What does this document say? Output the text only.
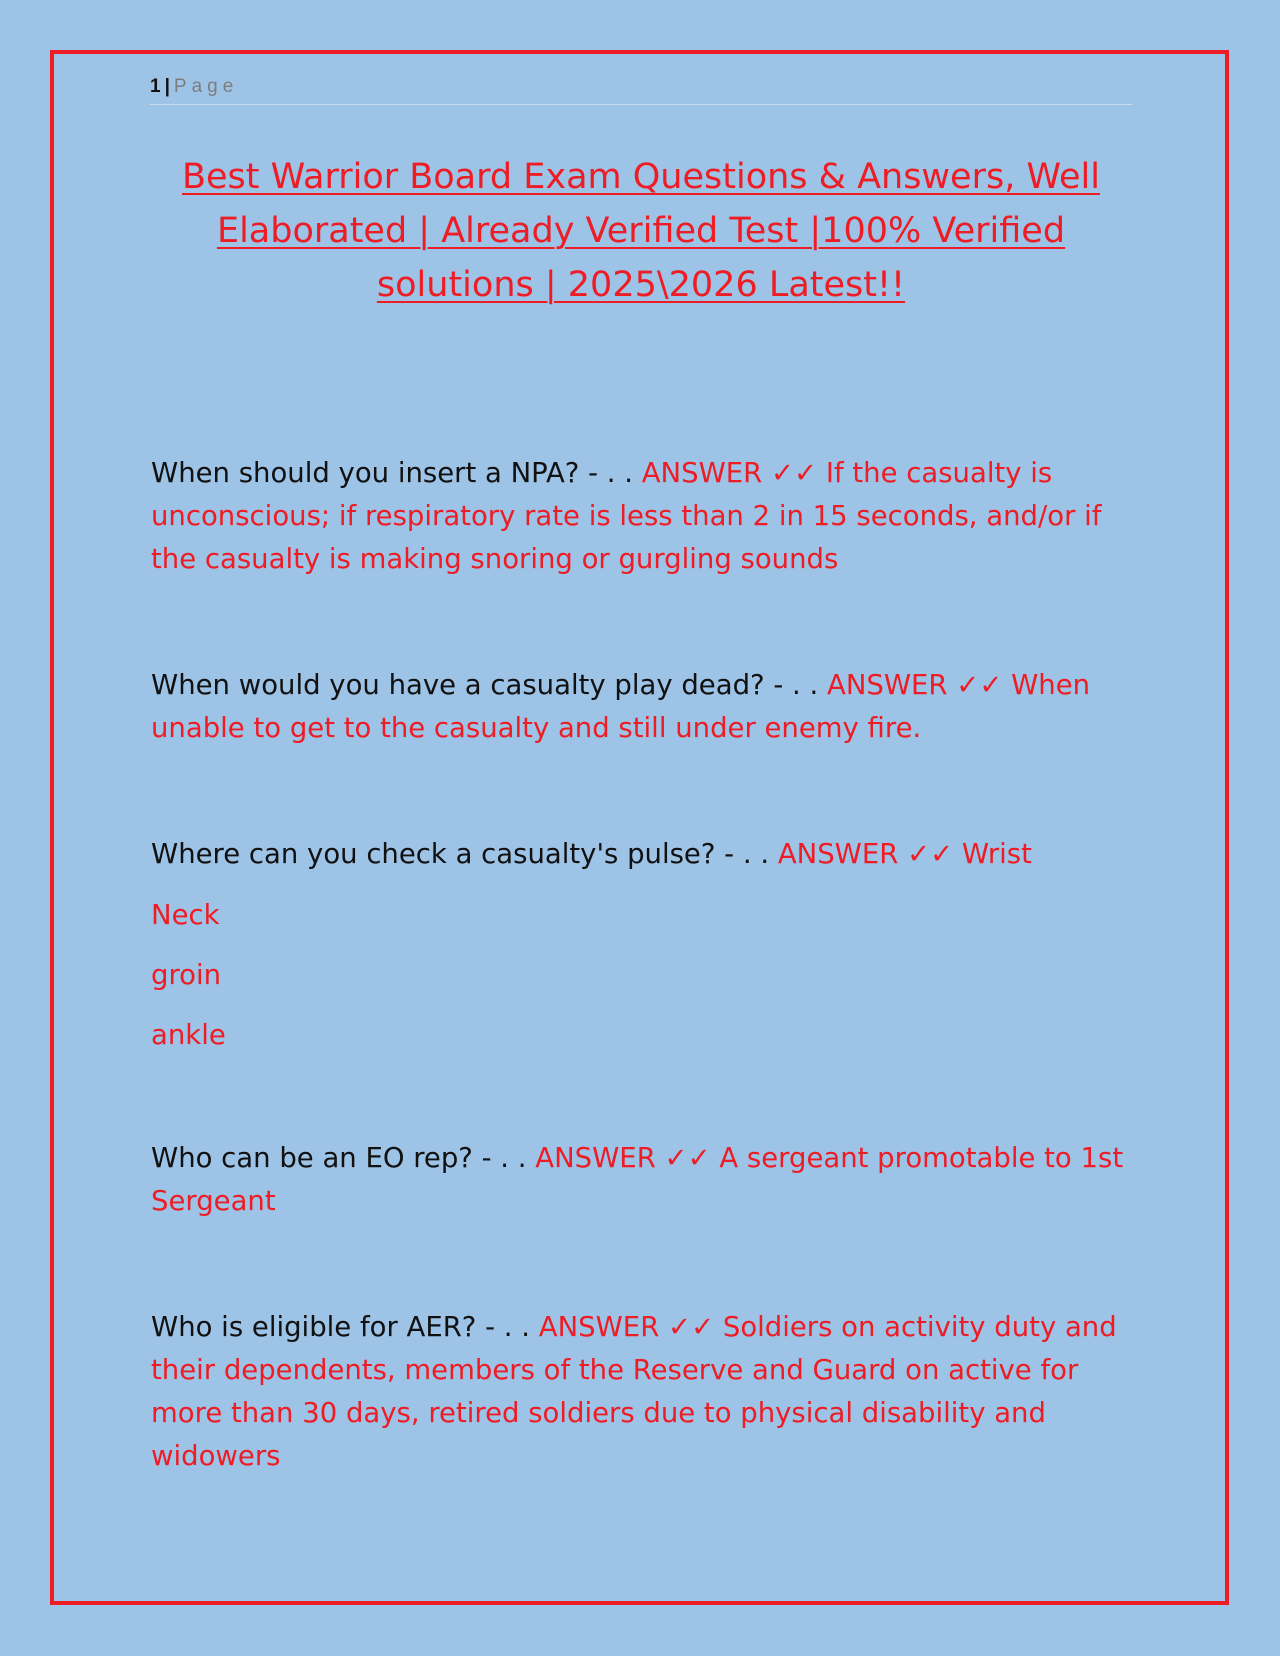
1 | Page
Best Warrior Board Exam Questions & Answers, Well Elaborated | Already Verified Test |100% Verified solutions | 2025\2026 Latest!!

When should you insert a NPA? - . . ANSWER ✓✓ If the casualty is unconscious; if respiratory rate is less than 2 in 15 seconds, and/or if the casualty is making snoring or gurgling sounds

When would you have a casualty play dead? - . . ANSWER ✓✓ When unable to get to the casualty and still under enemy fire.

Where can you check a casualty's pulse? - . . ANSWER ✓✓ Wrist

Neck

groin

ankle

Who can be an EO rep? - . . ANSWER ✓✓ A sergeant promotable to 1st Sergeant

Who is eligible for AER? - . . ANSWER ✓✓ Soldiers on activity duty and their dependents, members of the Reserve and Guard on active for more than 30 days, retired soldiers due to physical disability and widowers
